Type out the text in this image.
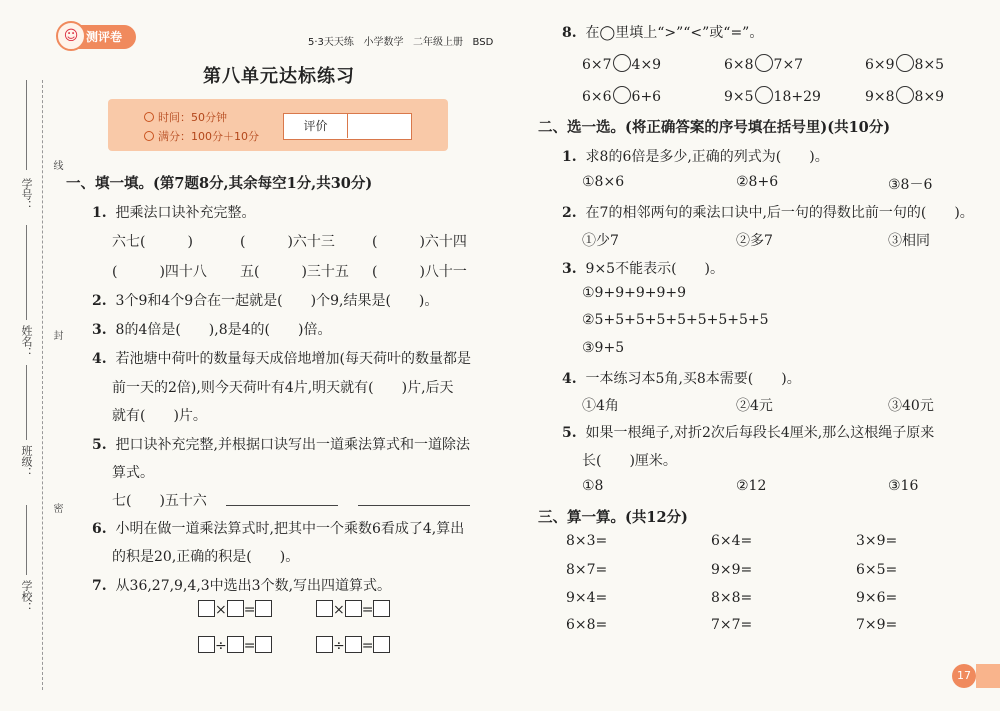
学号：
姓名：
班级：
学校：
线
封
密
☺ 测评卷	5·3天天练 小学数学 二年级上册 BSD
第八单元达标练习
时间：50分钟
满分：100分＋10分
评价
一、填一填。(第7题8分,其余每空1分,共30分)
1. 把乘法口诀补充完整。
六七(　　　)	(　　　)六十三	(　　　)六十四
(　　　)四十八 五(　　　)三十五 (　　　)八十一
2. 3个9和4个9合在一起就是(　　)个9,结果是(　　)。
3. 8的4倍是(　　),8是4的(　　)倍。
4. 若池塘中荷叶的数量每天成倍地增加(每天荷叶的数量都是
前一天的2倍),则今天荷叶有4片,明天就有(　　)片,后天
就有(　　)片。
5. 把口诀补充完整,并根据口诀写出一道乘法算式和一道除法
算式。
七(　　)五十六
6. 小明在做一道乘法算式时,把其中一个乘数6看成了4,算出
的积是20,正确的积是(　　)。
7. 从36,27,9,4,3中选出3个数,写出四道算式。
× =	× =
÷ =	÷ =
8. 在◯里填上“>”“<”或“=”。
6×7 4×9	6×8 7×7	6×9 8×5
6×6 6+6	9×5 18+29	9×8 8×9
二、选一选。(将正确答案的序号填在括号里)(共10分)
1. 求8的6倍是多少,正确的列式为(　　)。
①8×6	②8+6	③8－6
2. 在7的相邻两句的乘法口诀中,后一句的得数比前一句的(　　)。
①少7	②多7	③相同
3. 9×5不能表示(　　)。
①9+9+9+9+9
②5+5+5+5+5+5+5+5+5
③9+5
4. 一本练习本5角,买8本需要(　　)。
①4角	②4元	③40元
5. 如果一根绳子,对折2次后每段长4厘米,那么这根绳子原来
长(　　)厘米。
①8	②12	③16
三、算一算。(共12分)
8×3=	6×4=	3×9=
8×7=	9×9=	6×5=
9×4=	8×8=	9×6=
6×8=	7×7=	7×9=
17
